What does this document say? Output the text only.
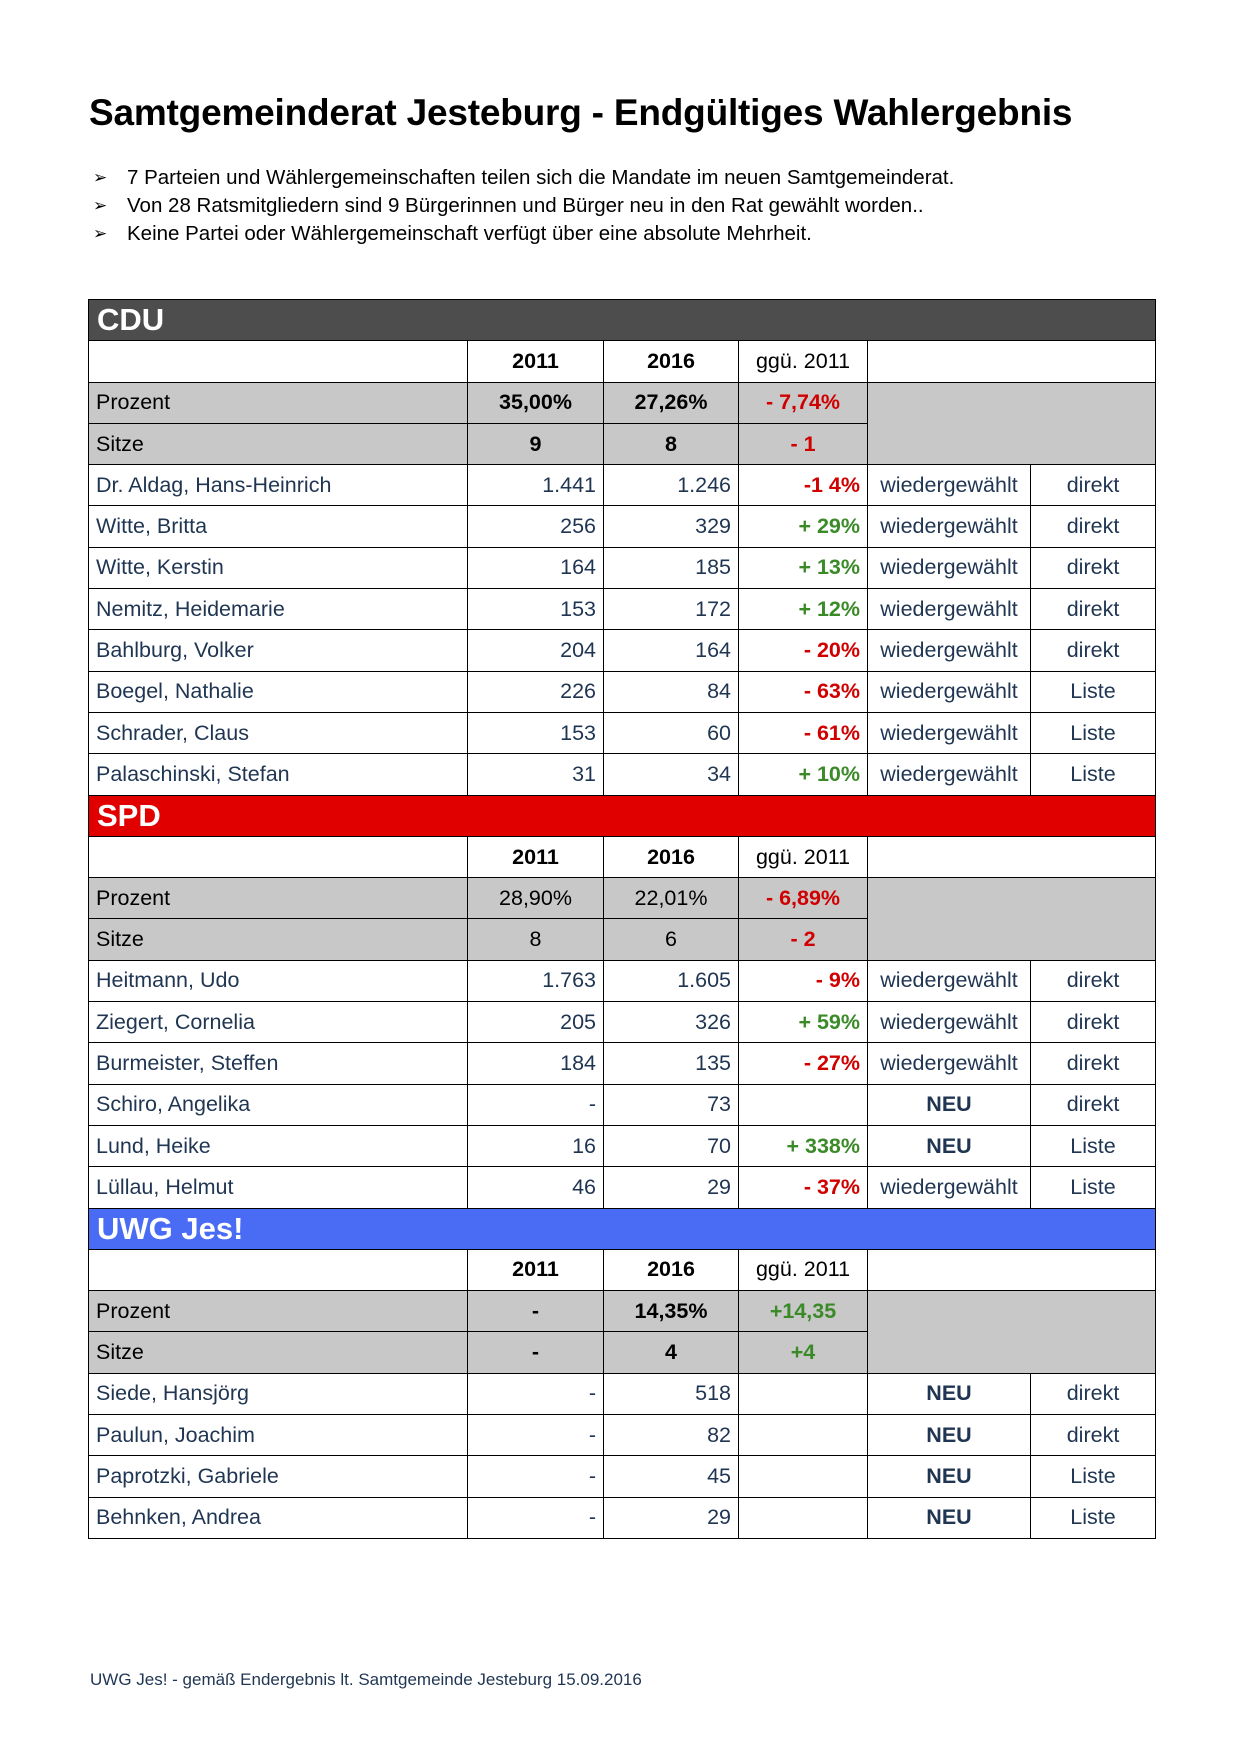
Samtgemeinderat Jesteburg - Endgültiges Wahlergebnis
➢ 7 Parteien und Wählergemeinschaften teilen sich die Mandate im neuen Samtgemeinderat.
➢ Von 28 Ratsmitgliedern sind 9 Bürgerinnen und Bürger neu in den Rat gewählt worden..
➢ Keine Partei oder Wählergemeinschaft verfügt über eine absolute Mehrheit.
CDU					
	2011	2016	ggü. 2011		
Prozent	35,00%	27,26%	- 7,74%		
Sitze	9	8	- 1		
Dr. Aldag, Hans-Heinrich	1.441	1.246	-1 4%	wiedergewählt	direkt
Witte, Britta	256	329	+ 29%	wiedergewählt	direkt
Witte, Kerstin	164	185	+ 13%	wiedergewählt	direkt
Nemitz, Heidemarie	153	172	+ 12%	wiedergewählt	direkt
Bahlburg, Volker	204	164	- 20%	wiedergewählt	direkt
Boegel, Nathalie	226	84	- 63%	wiedergewählt	Liste
Schrader, Claus	153	60	- 61%	wiedergewählt	Liste
Palaschinski, Stefan	31	34	+ 10%	wiedergewählt	Liste
SPD					
	2011	2016	ggü. 2011		
Prozent	28,90%	22,01%	- 6,89%		
Sitze	8	6	- 2		
Heitmann, Udo	1.763	1.605	- 9%	wiedergewählt	direkt
Ziegert, Cornelia	205	326	+ 59%	wiedergewählt	direkt
Burmeister, Steffen	184	135	- 27%	wiedergewählt	direkt
Schiro, Angelika	-	73		NEU	direkt
Lund, Heike	16	70	+ 338%	NEU	Liste
Lüllau, Helmut	46	29	- 37%	wiedergewählt	Liste
UWG Jes!					
	2011	2016	ggü. 2011		
Prozent	-	14,35%	+14,35		
Sitze	-	4	+4		
Siede, Hansjörg	-	518		NEU	direkt
Paulun, Joachim	-	82		NEU	direkt
Paprotzki, Gabriele	-	45		NEU	Liste
Behnken, Andrea	-	29		NEU	Liste
UWG Jes! - gemäß Endergebnis lt. Samtgemeinde Jesteburg 15.09.2016
